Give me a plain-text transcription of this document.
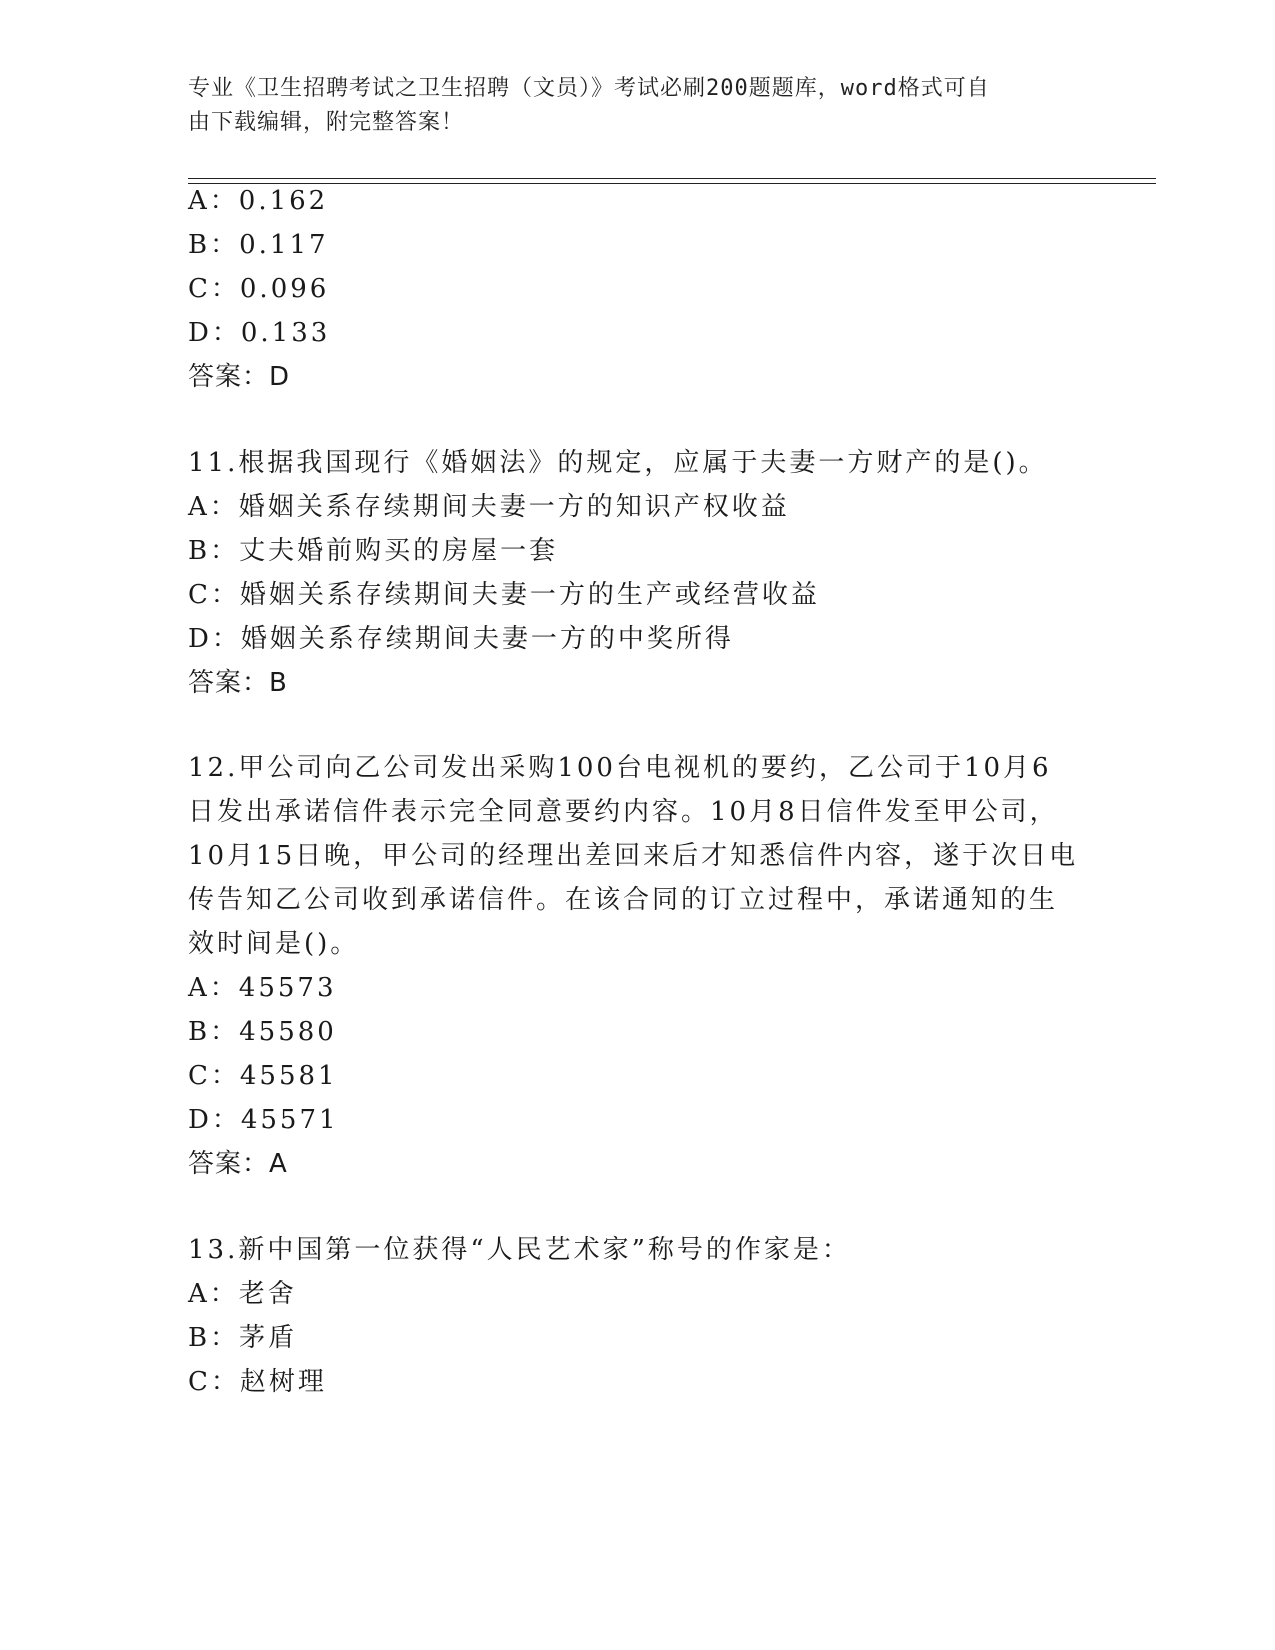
专业《卫生招聘考试之卫生招聘（文员）》考试必刷200题题库，word格式可自
由下载编辑，附完整答案！
A：0.162
B：0.117
C：0.096
D：0.133
答案：D
11.根据我国现行《婚姻法》的规定，应属于夫妻一方财产的是()。
A：婚姻关系存续期间夫妻一方的知识产权收益
B：丈夫婚前购买的房屋一套
C：婚姻关系存续期间夫妻一方的生产或经营收益
D：婚姻关系存续期间夫妻一方的中奖所得
答案：B
12.甲公司向乙公司发出采购100台电视机的要约，乙公司于10月6
日发出承诺信件表示完全同意要约内容。10月8日信件发至甲公司，
10月15日晚，甲公司的经理出差回来后才知悉信件内容，遂于次日电
传告知乙公司收到承诺信件。在该合同的订立过程中，承诺通知的生
效时间是()。
A：45573
B：45580
C：45581
D：45571
答案：A
13.新中国第一位获得“人民艺术家”称号的作家是：
A：老舍
B：茅盾
C：赵树理
